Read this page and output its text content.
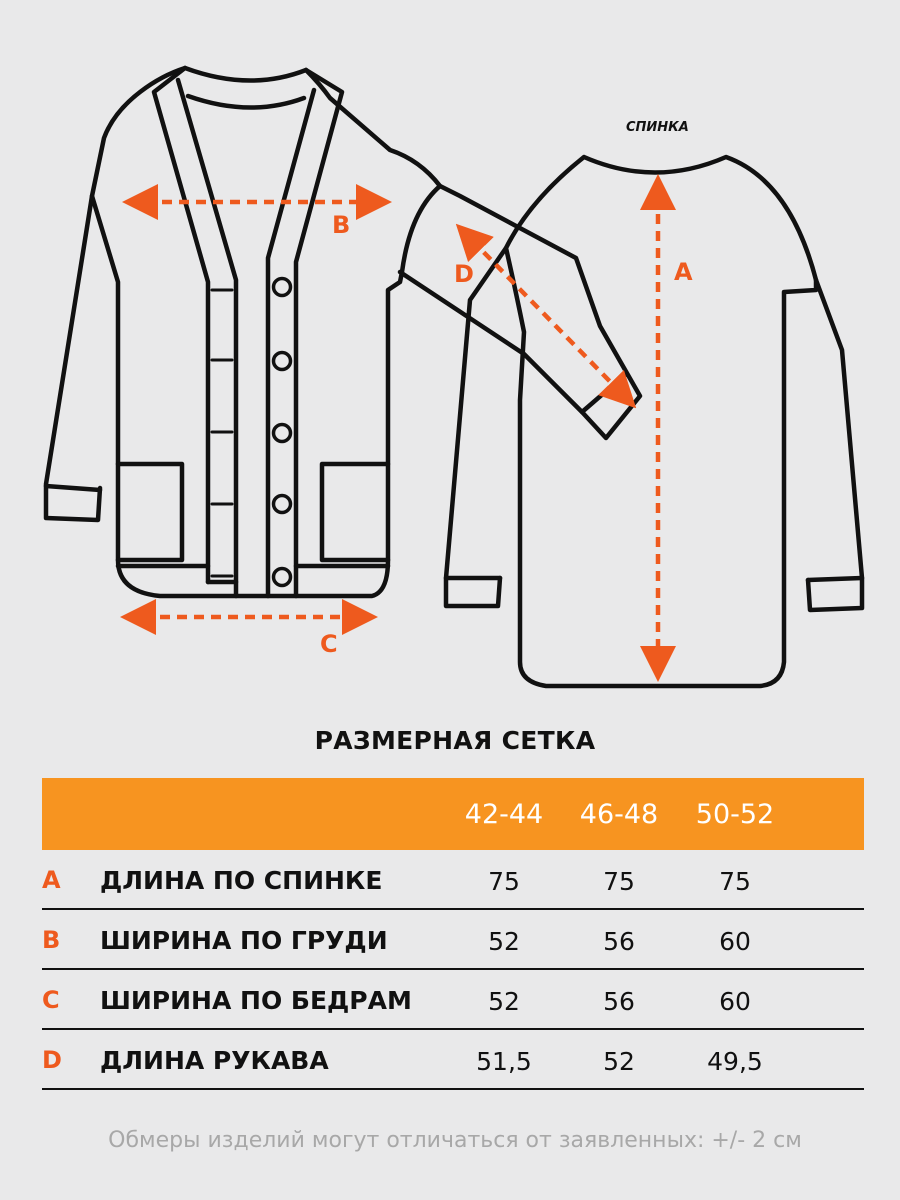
B
C
A
D
СПИНКА
РАЗМЕРНАЯ СЕТКА
42-44	46-48	50-52
A ДЛИНА ПО СПИНКЕ	75	75	75
B ШИРИНА ПО ГРУДИ	52	56	60
C ШИРИНА ПО БЕДРАМ	52	56	60
D ДЛИНА РУКАВА	51,5	52	49,5
Обмеры изделий могут отличаться от заявленных: +/- 2 см
